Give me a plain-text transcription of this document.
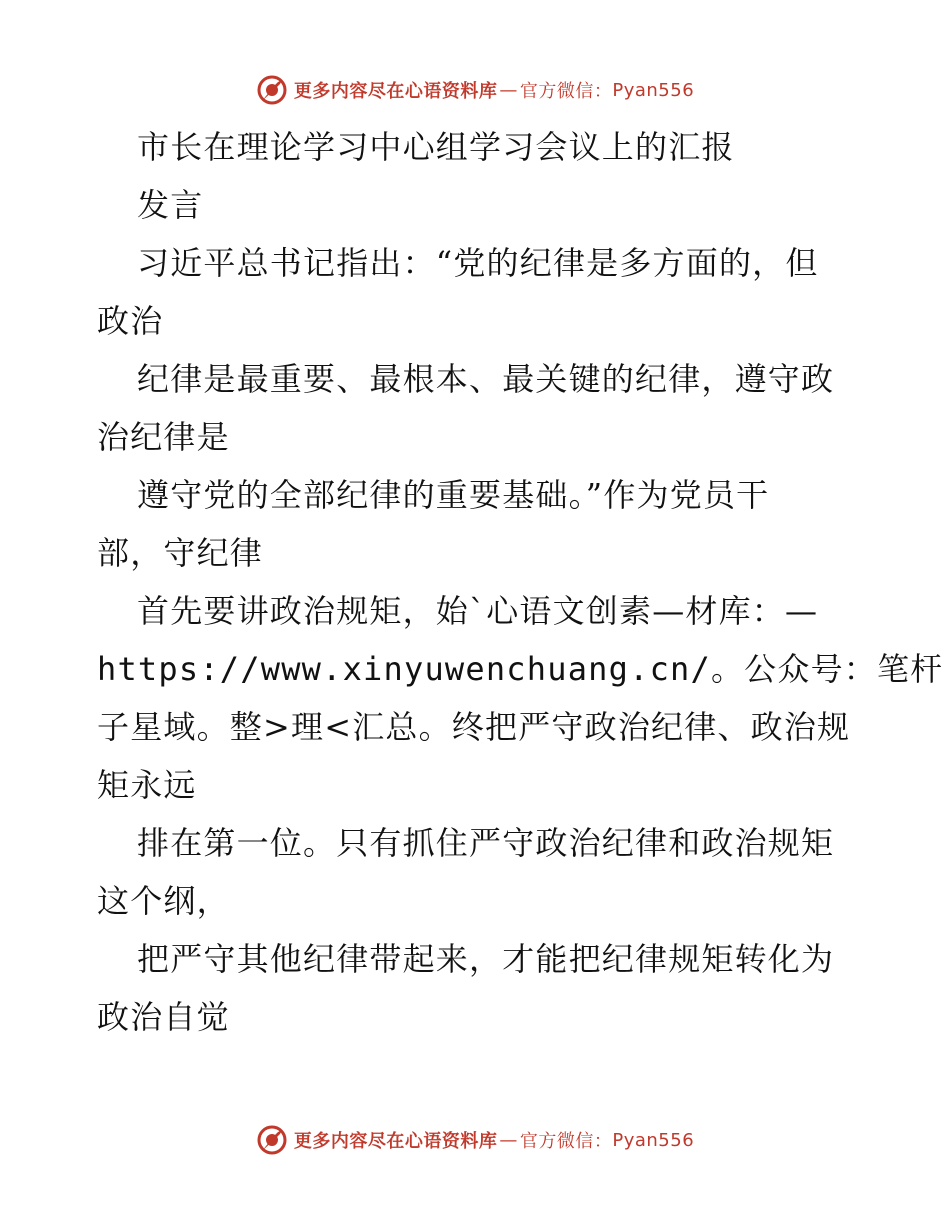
更多内容尽在心语资料库 — 官方微信： Pyan556
市长在理论学习中心组学习会议上的汇报
发言
习近平总书记指出：“党的纪律是多方面的，但
政治
纪律是最重要、最根本、最关键的纪律，遵守政
治纪律是
遵守党的全部纪律的重要基础。”作为党员干
部，守纪律
首先要讲政治规矩，始`心语文创素—材库：—
https://www.xinyuwenchuang.cn/。公众号：笔杆
子星域。整>理<汇总。终把严守政治纪律、政治规
矩永远
排在第一位。只有抓住严守政治纪律和政治规矩
这个纲，
把严守其他纪律带起来，才能把纪律规矩转化为
政治自觉
更多内容尽在心语资料库 — 官方微信： Pyan556
